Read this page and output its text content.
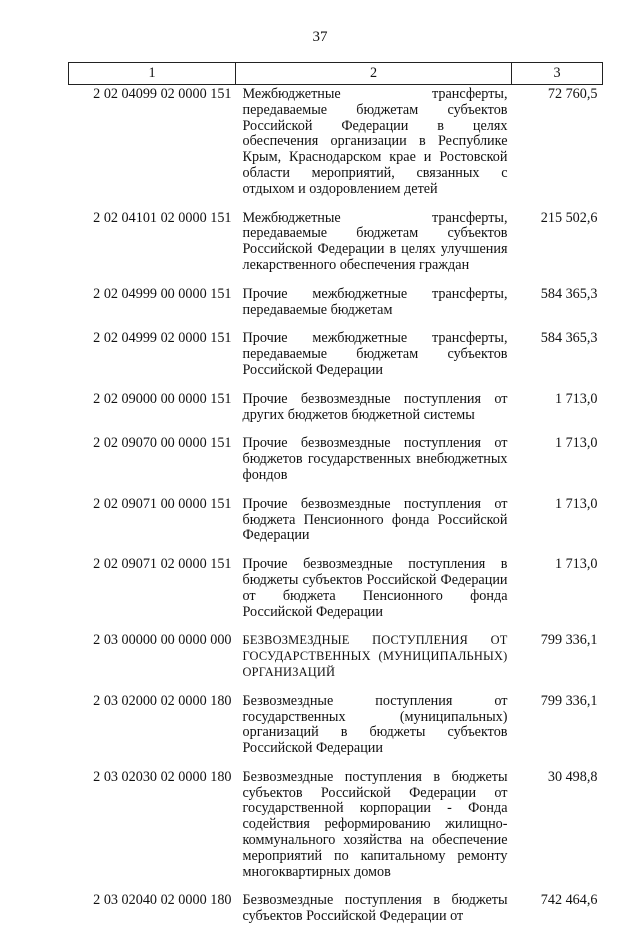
37
1	2	3
2 02 04099 02 0000 151	Межбюджетные трансферты, передаваемые бюджетам субъектов Российской Федерации в целях обеспечения организации в Республике Крым, Краснодарском крае и Ростовской области мероприятий, связанных с отдыхом и оздоровлением детей	72 760,5
2 02 04101 02 0000 151	Межбюджетные трансферты, передаваемые бюджетам субъектов Российской Федерации в целях улучшения лекарственного обеспечения граждан	215 502,6
2 02 04999 00 0000 151	Прочие межбюджетные трансферты, передаваемые бюджетам	584 365,3
2 02 04999 02 0000 151	Прочие межбюджетные трансферты, передаваемые бюджетам субъектов Российской Федерации	584 365,3
2 02 09000 00 0000 151	Прочие безвозмездные поступления от других бюджетов бюджетной системы	1 713,0
2 02 09070 00 0000 151	Прочие безвозмездные поступления от бюджетов государственных внебюджетных фондов	1 713,0
2 02 09071 00 0000 151	Прочие безвозмездные поступления от бюджета Пенсионного фонда Российской Федерации	1 713,0
2 02 09071 02 0000 151	Прочие безвозмездные поступления в бюджеты субъектов Российской Федерации от бюджета Пенсионного фонда Российской Федерации	1 713,0
2 03 00000 00 0000 000	БЕЗВОЗМЕЗДНЫЕ ПОСТУПЛЕНИЯ ОТ ГОСУДАРСТВЕННЫХ (МУНИЦИПАЛЬНЫХ) ОРГАНИЗАЦИЙ	799 336,1
2 03 02000 02 0000 180	Безвозмездные поступления от государственных (муниципальных) организаций в бюджеты субъектов Российской Федерации	799 336,1
2 03 02030 02 0000 180	Безвозмездные поступления в бюджеты субъектов Российской Федерации от государственной корпорации - Фонда содействия реформированию жилищно-коммунального хозяйства на обеспечение мероприятий по капитальному ремонту многоквартирных домов	30 498,8
2 03 02040 02 0000 180	Безвозмездные поступления в бюджеты субъектов Российской Федерации от	742 464,6
